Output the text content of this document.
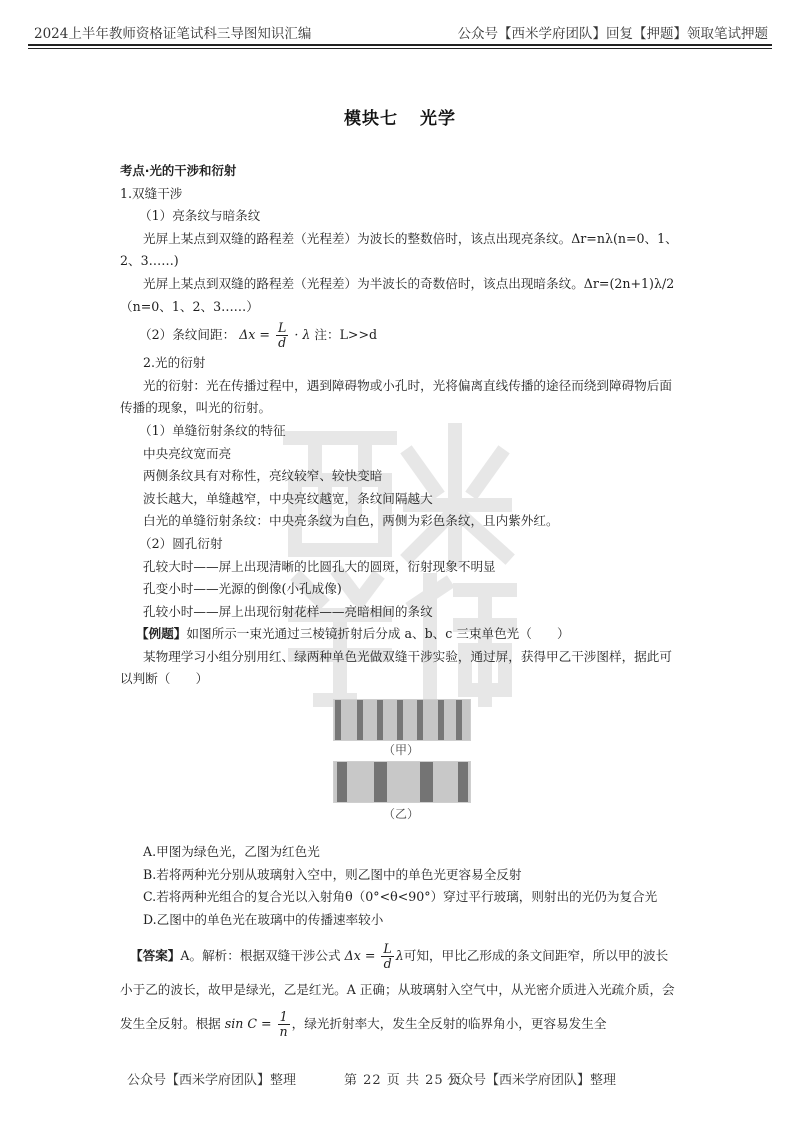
2024上半年教师资格证笔试科三导图知识汇编	公众号【西米学府团队】回复【押题】领取笔试押题
模块七 光学

考点·光的干涉和衍射

1.双缝干涉

（1）亮条纹与暗条纹

光屏上某点到双缝的路程差（光程差）为波长的整数倍时，该点出现亮条纹。Δr=nλ(n=0、1、2、3……)

光屏上某点到双缝的路程差（光程差）为半波长的奇数倍时，该点出现暗条纹。Δr=(2n+1)λ/2（n=0、1、2、3……）

（2）条纹间距： $\Delta x = \frac{L}{d} \cdot \lambda$ 注：L>>d

2.光的衍射

光的衍射：光在传播过程中，遇到障碍物或小孔时，光将偏离直线传播的途径而绕到障碍物后面传播的现象，叫光的衍射。

（1）单缝衍射条纹的特征

中央亮纹宽而亮

两侧条纹具有对称性，亮纹较窄、较快变暗

波长越大，单缝越窄，中央亮纹越宽，条纹间隔越大

白光的单缝衍射条纹：中央亮条纹为白色，两侧为彩色条纹，且内紫外红。

（2）圆孔衍射

孔较大时——屏上出现清晰的比圆孔大的圆斑，衍射现象不明显

孔变小时——光源的倒像(小孔成像)

孔较小时——屏上出现衍射花样——亮暗相间的条纹

【例题】如图所示一束光通过三棱镜折射后分成 a、b、c 三束单色光（　　）

某物理学习小组分别用红、绿两种单色光做双缝干涉实验，通过屏，获得甲乙干涉图样，据此可以判断（　　）

（甲）
（乙）

A.甲图为绿色光，乙图为红色光

B.若将两种光分别从玻璃射入空中，则乙图中的单色光更容易全反射

C.若将两种光组合的复合光以入射角θ（0°<θ<90°）穿过平行玻璃，则射出的光仍为复合光

D.乙图中的单色光在玻璃中的传播速率较小

【答案】A。解析：根据双缝干涉公式 $\Delta x = \frac{L}{d}$ λ可知，甲比乙形成的条文间距窄，所以甲的波长小于乙的波长，故甲是绿光，乙是红光。A 正确；从玻璃射入空气中，从光密介质进入光疏介质，会发生全反射。根据 $\sin C = \frac{1}{n}$ ，绿光折射率大，发生全反射的临界角小，更容易发生全

公众号【西米学府团队】整理	第 22 页 共 25 页
公众号【西米学府团队】整理
